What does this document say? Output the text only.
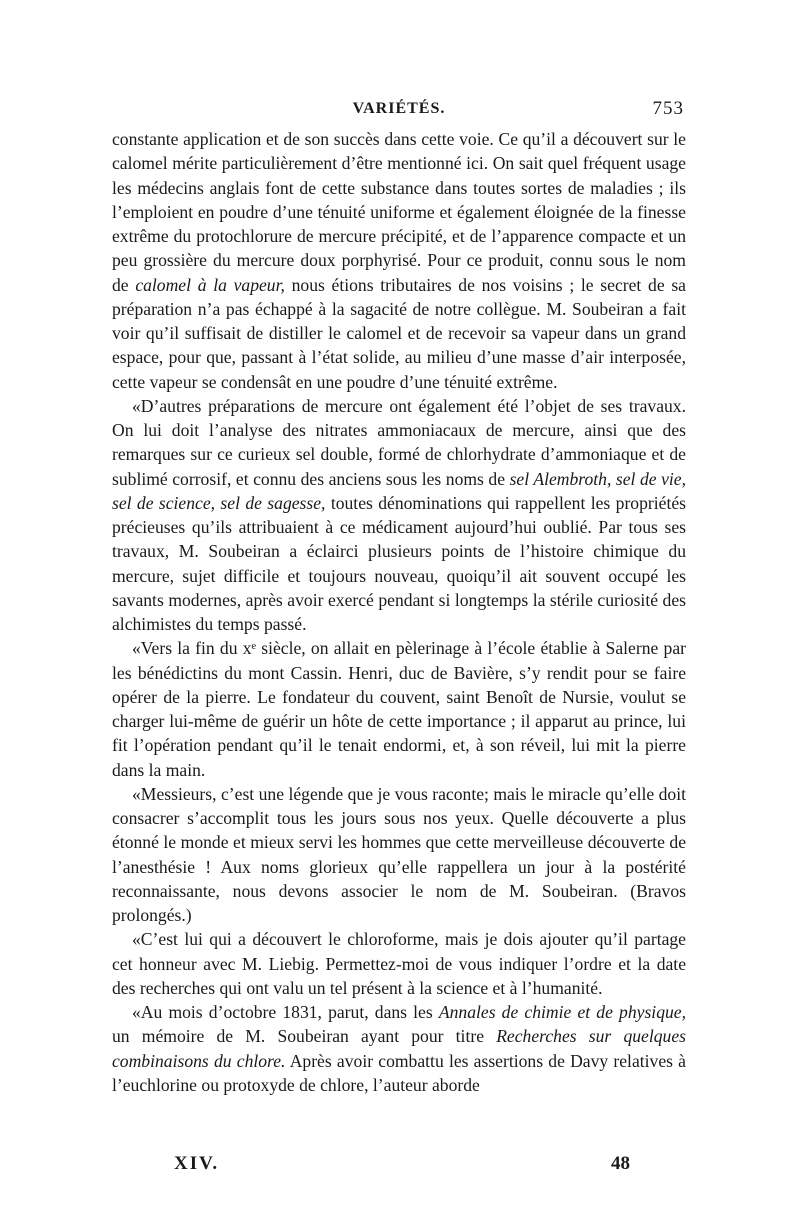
VARIÉTÉS.	753

constante application et de son succès dans cette voie. Ce qu’il a découvert sur le calomel mérite particulièrement d’être mentionné ici. On sait quel fréquent usage les médecins anglais font de cette substance dans toutes sortes de maladies ; ils l’emploient en poudre d’une ténuité uniforme et également éloignée de la finesse extrême du protochlorure de mercure précipité, et de l’apparence compacte et un peu grossière du mercure doux porphyrisé. Pour ce produit, connu sous le nom de calomel à la vapeur, nous étions tributaires de nos voisins ; le secret de sa préparation n’a pas échappé à la sagacité de notre collègue. M. Soubeiran a fait voir qu’il suffisait de distiller le calomel et de recevoir sa vapeur dans un grand espace, pour que, passant à l’état solide, au milieu d’une masse d’air interposée, cette vapeur se condensât en une poudre d’une ténuité extrême.

«D’autres préparations de mercure ont également été l’objet de ses travaux. On lui doit l’analyse des nitrates ammoniacaux de mercure, ainsi que des remarques sur ce curieux sel double, formé de chlorhydrate d’ammoniaque et de sublimé corrosif, et connu des anciens sous les noms de sel Alembroth, sel de vie, sel de science, sel de sagesse, toutes dénominations qui rappellent les propriétés précieuses qu’ils attribuaient à ce médicament aujourd’hui oublié. Par tous ses travaux, M. Soubeiran a éclairci plusieurs points de l’histoire chimique du mercure, sujet difficile et toujours nouveau, quoiqu’il ait souvent occupé les savants modernes, après avoir exercé pendant si longtemps la stérile curiosité des alchimistes du temps passé.

«Vers la fin du xᵉ siècle, on allait en pèlerinage à l’école établie à Salerne par les bénédictins du mont Cassin. Henri, duc de Bavière, s’y rendit pour se faire opérer de la pierre. Le fondateur du couvent, saint Benoît de Nursie, voulut se charger lui-même de guérir un hôte de cette importance ; il apparut au prince, lui fit l’opération pendant qu’il le tenait endormi, et, à son réveil, lui mit la pierre dans la main.

«Messieurs, c’est une légende que je vous raconte; mais le miracle qu’elle doit consacrer s’accomplit tous les jours sous nos yeux. Quelle découverte a plus étonné le monde et mieux servi les hommes que cette merveilleuse découverte de l’anesthésie ! Aux noms glorieux qu’elle rappellera un jour à la postérité reconnaissante, nous devons associer le nom de M. Soubeiran. (Bravos prolongés.)

«C’est lui qui a découvert le chloroforme, mais je dois ajouter qu’il partage cet honneur avec M. Liebig. Permettez-moi de vous indiquer l’ordre et la date des recherches qui ont valu un tel présent à la science et à l’humanité.

«Au mois d’octobre 1831, parut, dans les Annales de chimie et de physique, un mémoire de M. Soubeiran ayant pour titre Recherches sur quelques combinaisons du chlore. Après avoir combattu les assertions de Davy relatives à l’euchlorine ou protoxyde de chlore, l’auteur aborde

XIV.	48
